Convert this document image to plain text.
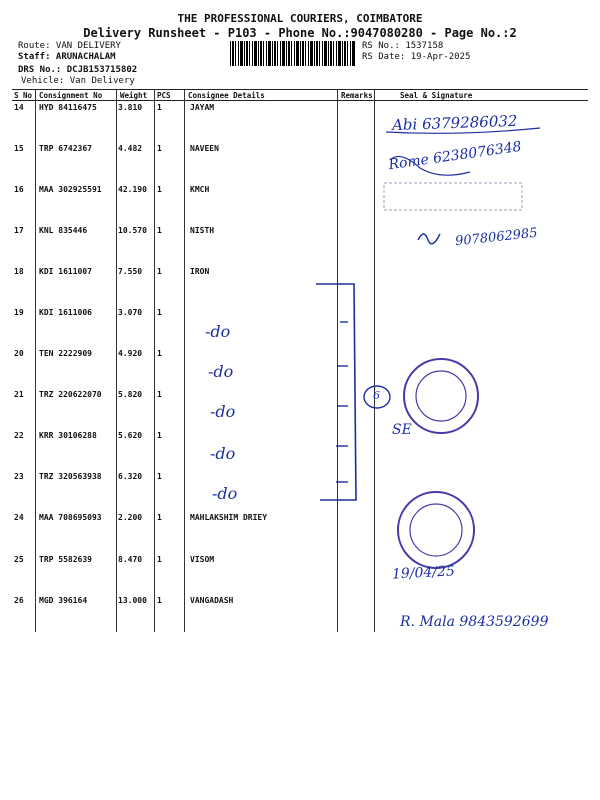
THE PROFESSIONAL COURIERS, COIMBATORE
Delivery Runsheet - P103 - Phone No.:9047080280 - Page No.:2
Route: VAN DELIVERY
Staff: ARUNACHALAM
DRS No.: DCJB153715802
Vehicle: Van Delivery
RS No.: 1537158
RS Date: 19-Apr-2025
S No Consignment No Weight PCS Consignee Details	Remarks	Seal & Signature
14 HYD 84116475	3.810 1	JAYAM
15 TRP 6742367	4.482 1	NAVEEN
16 MAA 302925591 42.190 1	KMCH
17 KNL 835446	10.570 1	NISTH
18 KDI 1611007	7.550 1	IRON
19 KDI 1611006	3.070 1
20 TEN 2222909	4.920 1
21 TRZ 220622070 5.820 1
22 KRR 30106288	5.620 1
23 TRZ 320563938 6.320 1
24 MAA 708695093 2.200 1	MAHLAKSHIM DRIEY
25 TRP 5582639	8.470 1	VISOM
26 MGD 396164	13.000 1	VANGADASH
Abi 6379286032
Rome 6238076348
9078062985
-do
-do
-do
-do
-do
6
SE
19/04/25
R. Mala 9843592699
